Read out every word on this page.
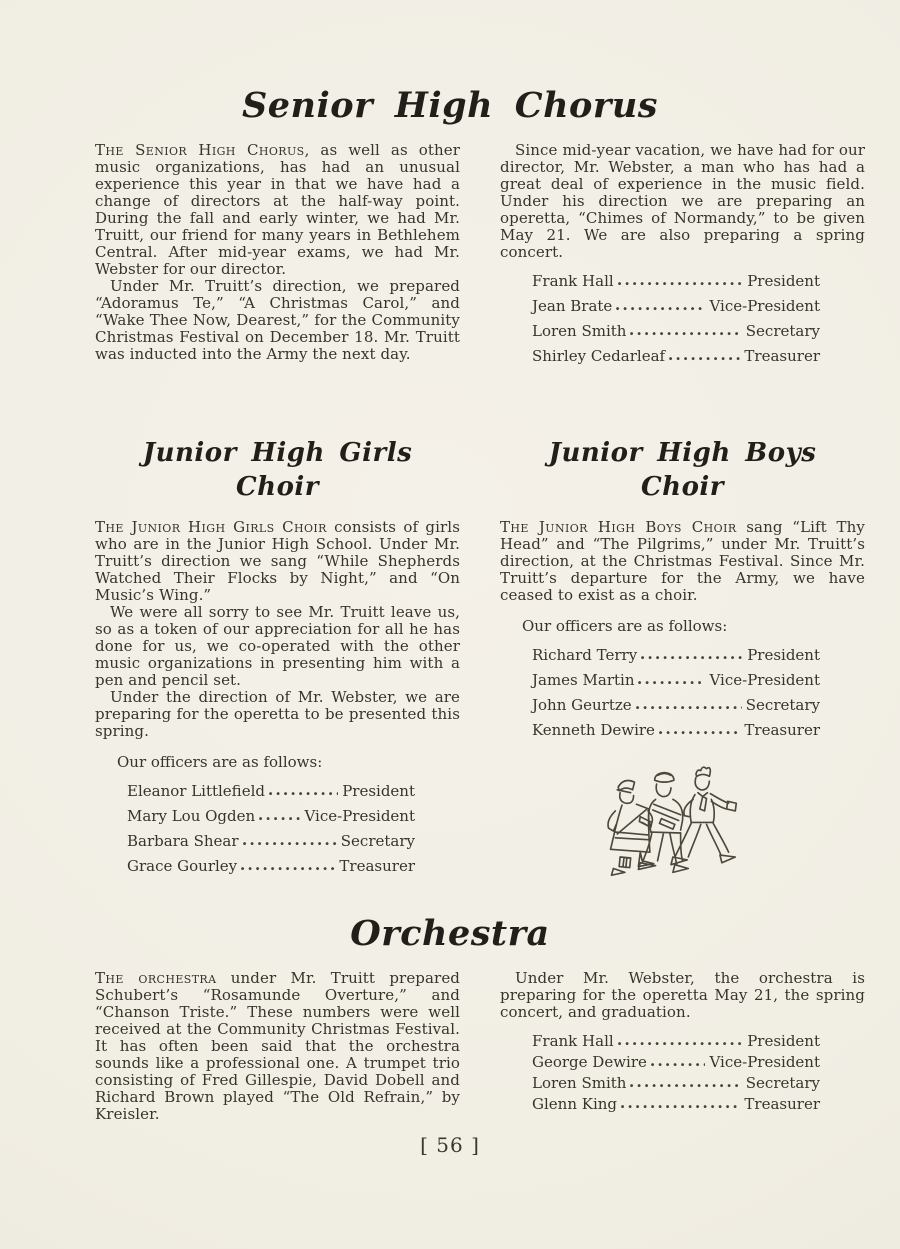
Senior High Chorus

The Senior High Chorus, as well as other music organizations, has had an unusual experience this year in that we have had a change of directors at the half-way point. During the fall and early winter, we had Mr. Truitt, our friend for many years in Bethlehem Central. After mid-year exams, we had Mr. Webster for our director.

Under Mr. Truitt’s direction, we prepared “Adoramus Te,” “A Christmas Carol,” and “Wake Thee Now, Dearest,” for the Community Christmas Festival on December 18. Mr. Truitt was inducted into the Army the next day.

Since mid-year vacation, we have had for our director, Mr. Webster, a man who has had a great deal of experience in the music field. Under his direction we are preparing an operetta, “Chimes of Normandy,” to be given May 21. We are also preparing a spring concert.

Frank Hall	President
Jean Brate	Vice-President
Loren Smith	Secretary
Shirley Cedarleaf	Treasurer
Junior High Girls Choir

The Junior High Girls Choir consists of girls who are in the Junior High School. Under Mr. Truitt’s direction we sang “While Shepherds Watched Their Flocks by Night,” and “On Music’s Wing.”

We were all sorry to see Mr. Truitt leave us, so as a token of our appreciation for all he has done for us, we co-operated with the other music organizations in presenting him with a pen and pencil set.

Under the direction of Mr. Webster, we are preparing for the operetta to be presented this spring.

Our officers are as follows:
Eleanor Littlefield	President
Mary Lou Ogden	Vice-President
Barbara Shear	Secretary
Grace Gourley	Treasurer
Junior High Boys Choir

The Junior High Boys Choir sang “Lift Thy Head” and “The Pilgrims,” under Mr. Truitt’s direction, at the Christmas Festival. Since Mr. Truitt’s departure for the Army, we have ceased to exist as a choir.

Our officers are as follows:
Richard Terry	President
James Martin	Vice-President
John Geurtze	Secretary
Kenneth Dewire	Treasurer
Orchestra

The orchestra under Mr. Truitt prepared Schubert’s “Rosamunde Overture,” and “Chanson Triste.” These numbers were well received at the Community Christmas Festival. It has often been said that the orchestra sounds like a professional one. A trumpet trio consisting of Fred Gillespie, David Dobell and Richard Brown played “The Old Refrain,” by Kreisler.

Under Mr. Webster, the orchestra is preparing for the operetta May 21, the spring concert, and graduation.

Frank Hall	President
George Dewire	Vice-President
Loren Smith	Secretary
Glenn King	Treasurer
[ 56 ]
